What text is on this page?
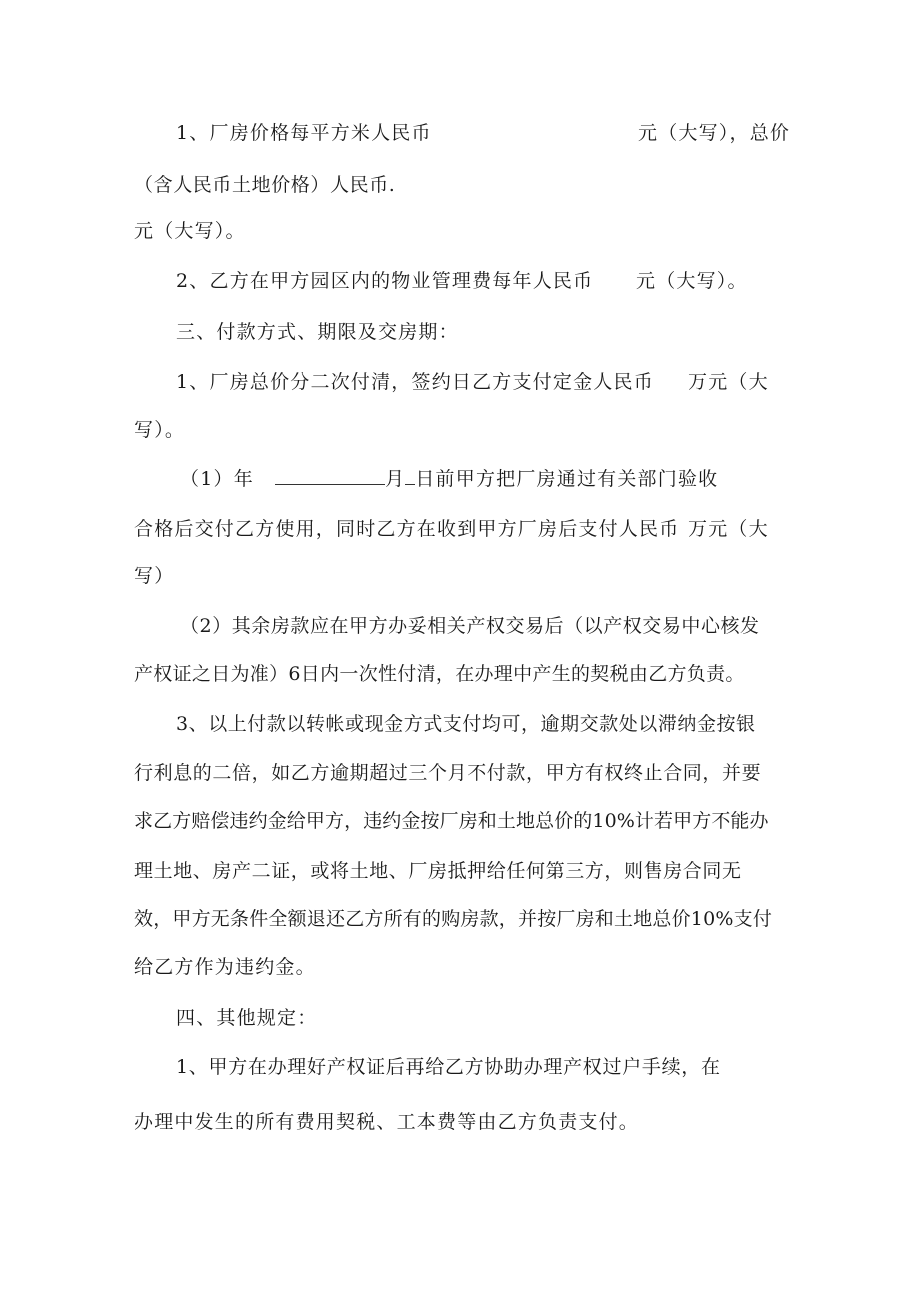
1、厂房价格每平方米人民币	元（大写），总价
（含人民币土地价格）人民币.
元（大写）。
2、乙方在甲方园区内的物业管理费每年人民币 元（大写）。
三、付款方式、期限及交房期：
1、厂房总价分二次付清，签约日乙方支付定金人民币 万元（大
写）。
（1）年	月 日前甲方把厂房通过有关部门验收
合格后交付乙方使用，同时乙方在收到甲方厂房后支付人民币 万元（大
写）
（2）其余房款应在甲方办妥相关产权交易后（以产权交易中心核发
产权证之日为准）6日内一次性付清，在办理中产生的契税由乙方负责。
3、以上付款以转帐或现金方式支付均可，逾期交款处以滞纳金按银
行利息的二倍，如乙方逾期超过三个月不付款，甲方有权终止合同，并要
求乙方赔偿违约金给甲方，违约金按厂房和土地总价的10%计若甲方不能办
理土地、房产二证，或将土地、厂房抵押给任何第三方，则售房合同无
效，甲方无条件全额退还乙方所有的购房款，并按厂房和土地总价10%支付
给乙方作为违约金。
四、其他规定：
1、甲方在办理好产权证后再给乙方协助办理产权过户手续，在
办理中发生的所有费用契税、工本费等由乙方负责支付。
